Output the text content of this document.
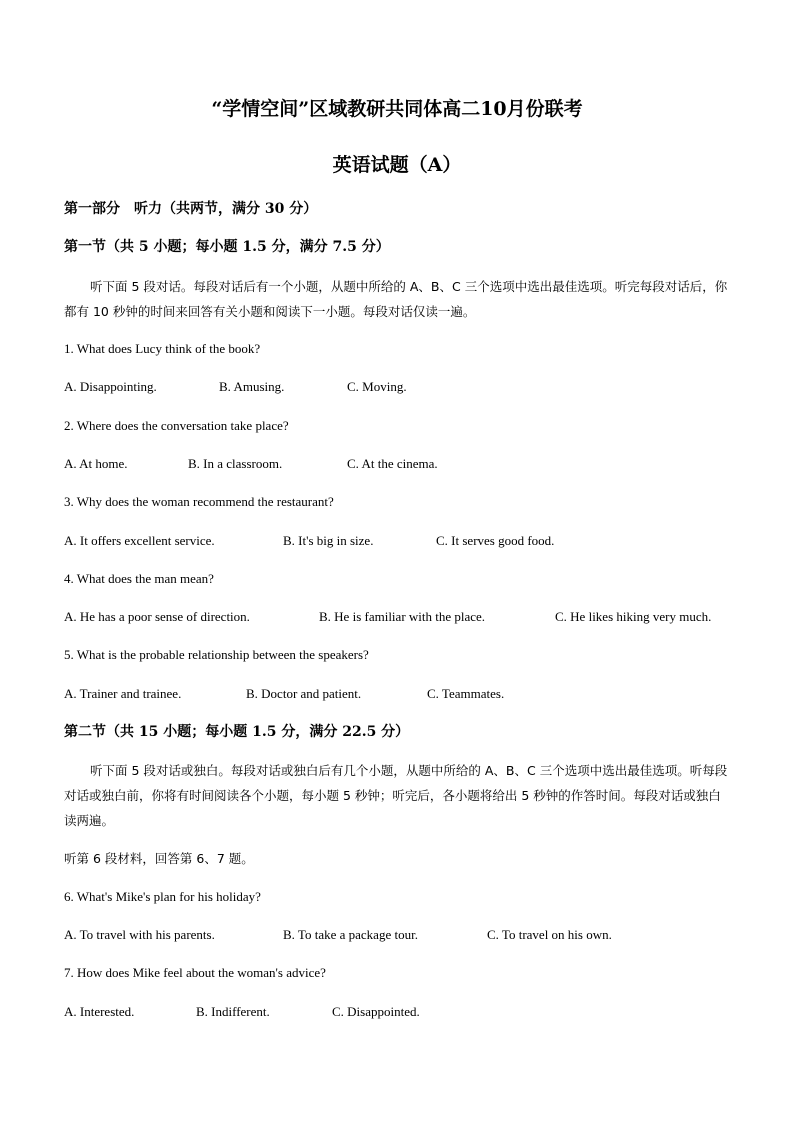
“学情空间”区域教研共同体高二10月份联考
英语试题（A）
第一部分　听力（共两节，满分 30 分）
第一节（共 5 小题；每小题 1.5 分，满分 7.5 分）
听下面 5 段对话。每段对话后有一个小题，从题中所给的 A、B、C 三个选项中选出最佳选项。听完每段对话后，你都有 10 秒钟的时间来回答有关小题和阅读下一小题。每段对话仅读一遍。
1. What does Lucy think of the book?
A. Disappointing.	B. Amusing.	C. Moving.
2. Where does the conversation take place?
A. At home.	B. In a classroom.	C. At the cinema.
3. Why does the woman recommend the restaurant?
A. It offers excellent service.	B. It's big in size.	C. It serves good food.
4. What does the man mean?
A. He has a poor sense of direction.	B. He is familiar with the place.	C. He likes hiking very much.
5. What is the probable relationship between the speakers?
A. Trainer and trainee.	B. Doctor and patient.	C. Teammates.
第二节（共 15 小题；每小题 1.5 分，满分 22.5 分）
听下面 5 段对话或独白。每段对话或独白后有几个小题，从题中所给的 A、B、C 三个选项中选出最佳选项。听每段对话或独白前，你将有时间阅读各个小题，每小题 5 秒钟；听完后，各小题将给出 5 秒钟的作答时间。每段对话或独白读两遍。
听第 6 段材料，回答第 6、7 题。
6. What's Mike's plan for his holiday?
A. To travel with his parents.	B. To take a package tour.	C. To travel on his own.
7. How does Mike feel about the woman's advice?
A. Interested.	B. Indifferent.	C. Disappointed.
